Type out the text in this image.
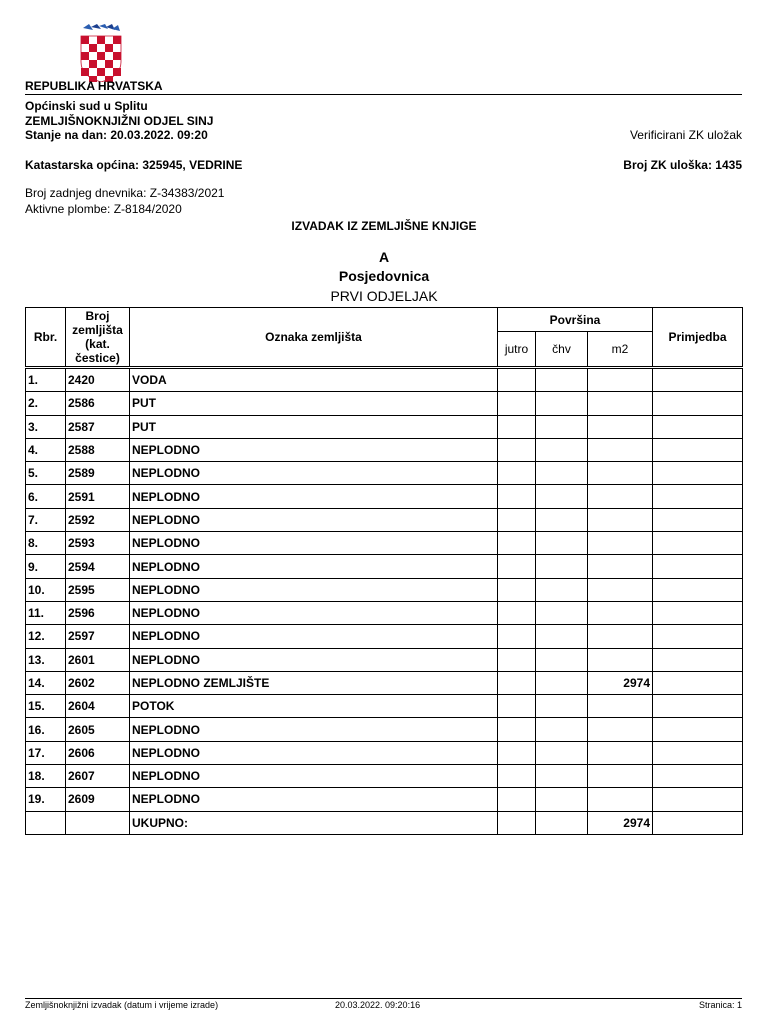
REPUBLIKA HRVATSKA
Općinski sud u Splitu
ZEMLJIŠNOKNJIŽNI ODJEL SINJ
Stanje na dan: 20.03.2022. 09:20	Verificirani ZK uložak
Katastarska općina: 325945, VEDRINE	Broj ZK uloška: 1435
Broj zadnjeg dnevnika: Z-34383/2021
Aktivne plombe: Z-8184/2020
IZVADAK IZ ZEMLJIŠNE KNJIGE
A
Posjedovnica
PRVI ODJELJAK
Rbr.	Broj zemljišta (kat. čestice)	Oznaka zemljišta	Površina			Primjedba
			jutro	čhv	m2	
1.	2420	VODA				
2.	2586	PUT				
3.	2587	PUT				
4.	2588	NEPLODNO				
5.	2589	NEPLODNO				
6.	2591	NEPLODNO				
7.	2592	NEPLODNO				
8.	2593	NEPLODNO				
9.	2594	NEPLODNO				
10.	2595	NEPLODNO				
11.	2596	NEPLODNO				
12.	2597	NEPLODNO				
13.	2601	NEPLODNO				
14.	2602	NEPLODNO ZEMLJIŠTE			2974	
15.	2604	POTOK				
16.	2605	NEPLODNO				
17.	2606	NEPLODNO				
18.	2607	NEPLODNO				
19.	2609	NEPLODNO				
		UKUPNO:			2974	
Zemljišnoknjižni izvadak (datum i vrijeme izrade)	20.03.2022. 09:20:16	Stranica: 1
